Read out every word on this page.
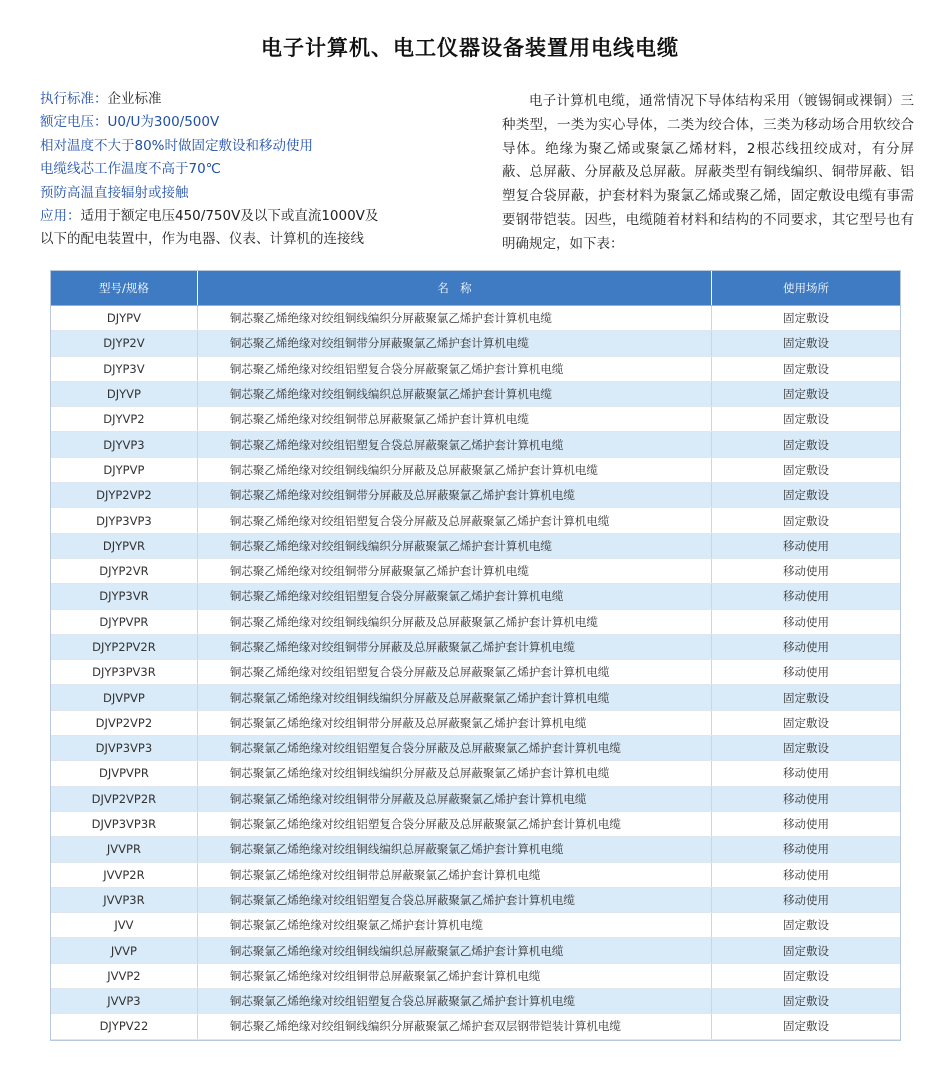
电子计算机、电工仪器设备装置用电线电缆
执行标准：企业标准
额定电压：U0/U为300/500V
相对温度不大于80%时做固定敷设和移动使用
电缆线芯工作温度不高于70℃
预防高温直接辐射或接触
应用：适用于额定电压450/750V及以下或直流1000V及
以下的配电装置中，作为电器、仪表、计算机的连接线
电子计算机电缆，通常情况下导体结构采用（镀锡铜或裸铜）三种类型，一类为实心导体，二类为绞合体，三类为移动场合用软绞合导体。绝缘为聚乙烯或聚氯乙烯材料，2根芯线扭绞成对，有分屏蔽、总屏蔽、分屏蔽及总屏蔽。屏蔽类型有铜线编织、铜带屏蔽、铝塑复合袋屏蔽，护套材料为聚氯乙烯或聚乙烯，固定敷设电缆有事需要钢带铠装。因些，电缆随着材料和结构的不同要求，其它型号也有明确规定，如下表：
型号/规格	名　称	使用场所
DJYPV	铜芯聚乙烯绝缘对绞组铜线编织分屏蔽聚氯乙烯护套计算机电缆	固定敷设
DJYP2V	铜芯聚乙烯绝缘对绞组铜带分屏蔽聚氯乙烯护套计算机电缆	固定敷设
DJYP3V	铜芯聚乙烯绝缘对绞组铝塑复合袋分屏蔽聚氯乙烯护套计算机电缆	固定敷设
DJYVP	铜芯聚乙烯绝缘对绞组铜线编织总屏蔽聚氯乙烯护套计算机电缆	固定敷设
DJYVP2	铜芯聚乙烯绝缘对绞组铜带总屏蔽聚氯乙烯护套计算机电缆	固定敷设
DJYVP3	铜芯聚乙烯绝缘对绞组铝塑复合袋总屏蔽聚氯乙烯护套计算机电缆	固定敷设
DJYPVP	铜芯聚乙烯绝缘对绞组铜线编织分屏蔽及总屏蔽聚氯乙烯护套计算机电缆	固定敷设
DJYP2VP2	铜芯聚乙烯绝缘对绞组铜带分屏蔽及总屏蔽聚氯乙烯护套计算机电缆	固定敷设
DJYP3VP3	铜芯聚乙烯绝缘对绞组铝塑复合袋分屏蔽及总屏蔽聚氯乙烯护套计算机电缆	固定敷设
DJYPVR	铜芯聚乙烯绝缘对绞组铜线编织分屏蔽聚氯乙烯护套计算机电缆	移动使用
DJYP2VR	铜芯聚乙烯绝缘对绞组铜带分屏蔽聚氯乙烯护套计算机电缆	移动使用
DJYP3VR	铜芯聚乙烯绝缘对绞组铝塑复合袋分屏蔽聚氯乙烯护套计算机电缆	移动使用
DJYPVPR	铜芯聚乙烯绝缘对绞组铜线编织分屏蔽及总屏蔽聚氯乙烯护套计算机电缆	移动使用
DJYP2PV2R	铜芯聚乙烯绝缘对绞组铜带分屏蔽及总屏蔽聚氯乙烯护套计算机电缆	移动使用
DJYP3PV3R	铜芯聚乙烯绝缘对绞组铝塑复合袋分屏蔽及总屏蔽聚氯乙烯护套计算机电缆	移动使用
DJVPVP	铜芯聚氯乙烯绝缘对绞组铜线编织分屏蔽及总屏蔽聚氯乙烯护套计算机电缆	固定敷设
DJVP2VP2	铜芯聚氯乙烯绝缘对绞组铜带分屏蔽及总屏蔽聚氯乙烯护套计算机电缆	固定敷设
DJVP3VP3	铜芯聚氯乙烯绝缘对绞组铝塑复合袋分屏蔽及总屏蔽聚氯乙烯护套计算机电缆	固定敷设
DJVPVPR	铜芯聚氯乙烯绝缘对绞组铜线编织分屏蔽及总屏蔽聚氯乙烯护套计算机电缆	移动使用
DJVP2VP2R	铜芯聚氯乙烯绝缘对绞组铜带分屏蔽及总屏蔽聚氯乙烯护套计算机电缆	移动使用
DJVP3VP3R	铜芯聚氯乙烯绝缘对绞组铝塑复合袋分屏蔽及总屏蔽聚氯乙烯护套计算机电缆	移动使用
JVVPR	铜芯聚氯乙烯绝缘对绞组铜线编织总屏蔽聚氯乙烯护套计算机电缆	移动使用
JVVP2R	铜芯聚氯乙烯绝缘对绞组铜带总屏蔽聚氯乙烯护套计算机电缆	移动使用
JVVP3R	铜芯聚氯乙烯绝缘对绞组铝塑复合袋总屏蔽聚氯乙烯护套计算机电缆	移动使用
JVV	铜芯聚氯乙烯绝缘对绞组聚氯乙烯护套计算机电缆	固定敷设
JVVP	铜芯聚氯乙烯绝缘对绞组铜线编织总屏蔽聚氯乙烯护套计算机电缆	固定敷设
JVVP2	铜芯聚氯乙烯绝缘对绞组铜带总屏蔽聚氯乙烯护套计算机电缆	固定敷设
JVVP3	铜芯聚氯乙烯绝缘对绞组铝塑复合袋总屏蔽聚氯乙烯护套计算机电缆	固定敷设
DJYPV22	铜芯聚乙烯绝缘对绞组铜线编织分屏蔽聚氯乙烯护套双层钢带铠装计算机电缆	固定敷设
